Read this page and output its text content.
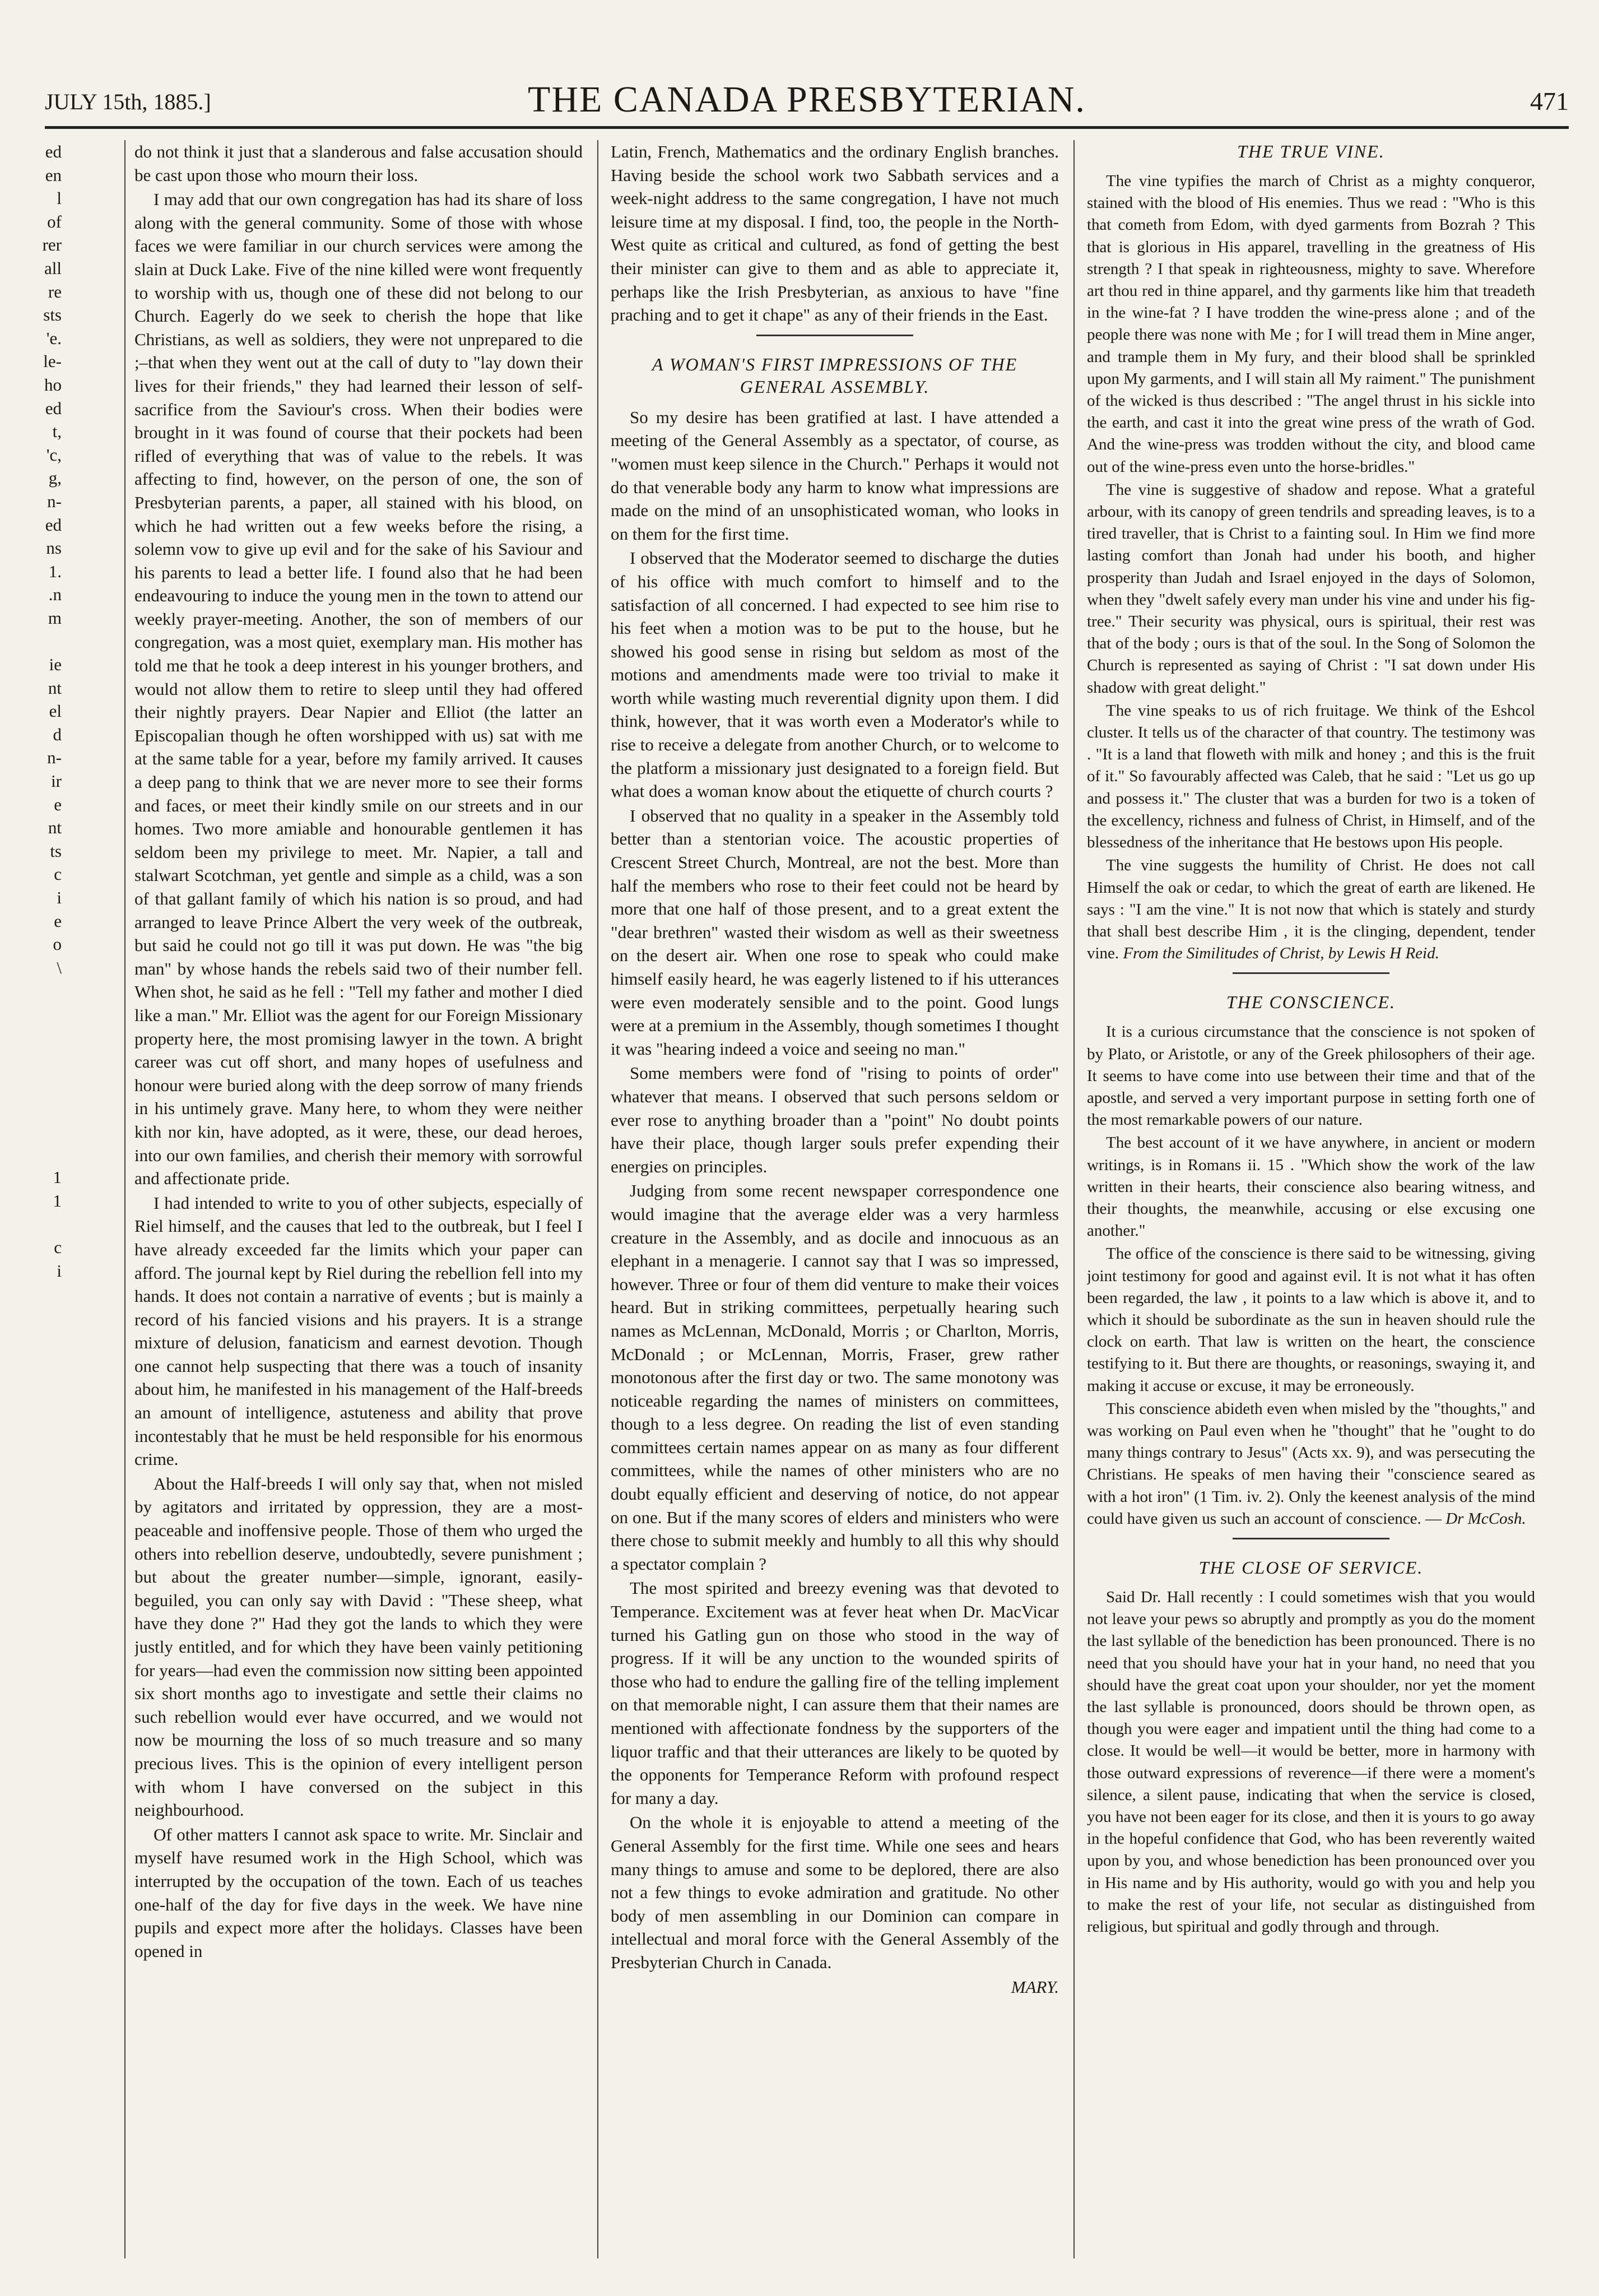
JULY 15th, 1885.]	THE CANADA PRESBYTERIAN.	471
ed
en
l
of
rer
all
re
sts
'e.
le-
ho
ed
t,
'c,
g,
n-
ed
ns
1.
.n
m
ie
nt
el
d
n-
ir
e
nt
ts
c
i
e
o
\
1
1
c
i

do not think it just that a slanderous and false accusation should be cast upon those who mourn their loss.

I may add that our own congregation has had its share of loss along with the general community. Some of those with whose faces we were familiar in our church services were among the slain at Duck Lake. Five of the nine killed were wont frequently to worship with us, though one of these did not belong to our Church. Eagerly do we seek to cherish the hope that like Christians, as well as soldiers, they were not unprepared to die ;–that when they went out at the call of duty to "lay down their lives for their friends," they had learned their lesson of self-sacrifice from the Saviour's cross. When their bodies were brought in it was found of course that their pockets had been rifled of everything that was of value to the rebels. It was affecting to find, however, on the person of one, the son of Presbyterian parents, a paper, all stained with his blood, on which he had written out a few weeks before the rising, a solemn vow to give up evil and for the sake of his Saviour and his parents to lead a better life. I found also that he had been endeavouring to induce the young men in the town to attend our weekly prayer-meeting. Another, the son of members of our congregation, was a most quiet, exemplary man. His mother has told me that he took a deep interest in his younger brothers, and would not allow them to retire to sleep until they had offered their nightly prayers. Dear Napier and Elliot (the latter an Episcopalian though he often worshipped with us) sat with me at the same table for a year, before my family arrived. It causes a deep pang to think that we are never more to see their forms and faces, or meet their kindly smile on our streets and in our homes. Two more amiable and honourable gentlemen it has seldom been my privilege to meet. Mr. Napier, a tall and stalwart Scotchman, yet gentle and simple as a child, was a son of that gallant family of which his nation is so proud, and had arranged to leave Prince Albert the very week of the outbreak, but said he could not go till it was put down. He was "the big man" by whose hands the rebels said two of their number fell. When shot, he said as he fell : "Tell my father and mother I died like a man." Mr. Elliot was the agent for our Foreign Missionary property here, the most promising lawyer in the town. A bright career was cut off short, and many hopes of usefulness and honour were buried along with the deep sorrow of many friends in his untimely grave. Many here, to whom they were neither kith nor kin, have adopted, as it were, these, our dead heroes, into our own families, and cherish their memory with sorrowful and affectionate pride.

I had intended to write to you of other subjects, especially of Riel himself, and the causes that led to the outbreak, but I feel I have already exceeded far the limits which your paper can afford. The journal kept by Riel during the rebellion fell into my hands. It does not contain a narrative of events ; but is mainly a record of his fancied visions and his prayers. It is a strange mixture of delusion, fanaticism and earnest devotion. Though one cannot help suspecting that there was a touch of insanity about him, he manifested in his management of the Half-breeds an amount of intelligence, astuteness and ability that prove incontestably that he must be held responsible for his enormous crime.

About the Half-breeds I will only say that, when not misled by agitators and irritated by oppression, they are a most-peaceable and inoffensive people. Those of them who urged the others into rebellion deserve, undoubtedly, severe punishment ; but about the greater number—simple, ignorant, easily-beguiled, you can only say with David : "These sheep, what have they done ?" Had they got the lands to which they were justly entitled, and for which they have been vainly petitioning for years—had even the commission now sitting been appointed six short months ago to investigate and settle their claims no such rebellion would ever have occurred, and we would not now be mourning the loss of so much treasure and so many precious lives. This is the opinion of every intelligent person with whom I have conversed on the subject in this neighbourhood.

Of other matters I cannot ask space to write. Mr. Sinclair and myself have resumed work in the High School, which was interrupted by the occupation of the town. Each of us teaches one-half of the day for five days in the week. We have nine pupils and expect more after the holidays. Classes have been opened in

Latin, French, Mathematics and the ordinary English branches. Having beside the school work two Sabbath services and a week-night address to the same congregation, I have not much leisure time at my disposal. I find, too, the people in the North-West quite as critical and cultured, as fond of getting the best their minister can give to them and as able to appreciate it, perhaps like the Irish Presbyterian, as anxious to have "fine praching and to get it chape" as any of their friends in the East.

A WOMAN'S FIRST IMPRESSIONS OF THE GENERAL ASSEMBLY.

So my desire has been gratified at last. I have attended a meeting of the General Assembly as a spectator, of course, as "women must keep silence in the Church." Perhaps it would not do that venerable body any harm to know what impressions are made on the mind of an unsophisticated woman, who looks in on them for the first time.

I observed that the Moderator seemed to discharge the duties of his office with much comfort to himself and to the satisfaction of all concerned. I had expected to see him rise to his feet when a motion was to be put to the house, but he showed his good sense in rising but seldom as most of the motions and amendments made were too trivial to make it worth while wasting much reverential dignity upon them. I did think, however, that it was worth even a Moderator's while to rise to receive a delegate from another Church, or to welcome to the platform a missionary just designated to a foreign field. But what does a woman know about the etiquette of church courts ?

I observed that no quality in a speaker in the Assembly told better than a stentorian voice. The acoustic properties of Crescent Street Church, Montreal, are not the best. More than half the members who rose to their feet could not be heard by more that one half of those present, and to a great extent the "dear brethren" wasted their wisdom as well as their sweetness on the desert air. When one rose to speak who could make himself easily heard, he was eagerly listened to if his utterances were even moderately sensible and to the point. Good lungs were at a premium in the Assembly, though sometimes I thought it was "hearing indeed a voice and seeing no man."

Some members were fond of "rising to points of order" whatever that means. I observed that such persons seldom or ever rose to anything broader than a "point" No doubt points have their place, though larger souls prefer expending their energies on principles.

Judging from some recent newspaper correspondence one would imagine that the average elder was a very harmless creature in the Assembly, and as docile and innocuous as an elephant in a menagerie. I cannot say that I was so impressed, however. Three or four of them did venture to make their voices heard. But in striking committees, perpetually hearing such names as McLennan, McDonald, Morris ; or Charlton, Morris, McDonald ; or McLennan, Morris, Fraser, grew rather monotonous after the first day or two. The same monotony was noticeable regarding the names of ministers on committees, though to a less degree. On reading the list of even standing committees certain names appear on as many as four different committees, while the names of other ministers who are no doubt equally efficient and deserving of notice, do not appear on one. But if the many scores of elders and ministers who were there chose to submit meekly and humbly to all this why should a spectator complain ?

The most spirited and breezy evening was that devoted to Temperance. Excitement was at fever heat when Dr. MacVicar turned his Gatling gun on those who stood in the way of progress. If it will be any unction to the wounded spirits of those who had to endure the galling fire of the telling implement on that memorable night, I can assure them that their names are mentioned with affectionate fondness by the supporters of the liquor traffic and that their utterances are likely to be quoted by the opponents for Temperance Reform with profound respect for many a day.

On the whole it is enjoyable to attend a meeting of the General Assembly for the first time. While one sees and hears many things to amuse and some to be deplored, there are also not a few things to evoke admiration and gratitude. No other body of men assembling in our Dominion can compare in intellectual and moral force with the General Assembly of the Presbyterian Church in Canada.

MARY.
THE TRUE VINE.

The vine typifies the march of Christ as a mighty conqueror, stained with the blood of His enemies. Thus we read : "Who is this that cometh from Edom, with dyed garments from Bozrah ? This that is glorious in His apparel, travelling in the greatness of His strength ? I that speak in righteousness, mighty to save. Wherefore art thou red in thine apparel, and thy garments like him that treadeth in the wine-fat ? I have trodden the wine-press alone ; and of the people there was none with Me ; for I will tread them in Mine anger, and trample them in My fury, and their blood shall be sprinkled upon My garments, and I will stain all My raiment." The punishment of the wicked is thus described : "The angel thrust in his sickle into the earth, and cast it into the great wine press of the wrath of God. And the wine-press was trodden without the city, and blood came out of the wine-press even unto the horse-bridles."

The vine is suggestive of shadow and repose. What a grateful arbour, with its canopy of green tendrils and spreading leaves, is to a tired traveller, that is Christ to a fainting soul. In Him we find more lasting comfort than Jonah had under his booth, and higher prosperity than Judah and Israel enjoyed in the days of Solomon, when they "dwelt safely every man under his vine and under his fig-tree." Their security was physical, ours is spiritual, their rest was that of the body ; ours is that of the soul. In the Song of Solomon the Church is represented as saying of Christ : "I sat down under His shadow with great delight."

The vine speaks to us of rich fruitage. We think of the Eshcol cluster. It tells us of the character of that country. The testimony was . "It is a land that floweth with milk and honey ; and this is the fruit of it." So favourably affected was Caleb, that he said : "Let us go up and possess it." The cluster that was a burden for two is a token of the excellency, richness and fulness of Christ, in Himself, and of the blessedness of the inheritance that He bestows upon His people.

The vine suggests the humility of Christ. He does not call Himself the oak or cedar, to which the great of earth are likened. He says : "I am the vine." It is not now that which is stately and sturdy that shall best describe Him , it is the clinging, dependent, tender vine. From the Similitudes of Christ, by Lewis H Reid.

THE CONSCIENCE.

It is a curious circumstance that the conscience is not spoken of by Plato, or Aristotle, or any of the Greek philosophers of their age. It seems to have come into use between their time and that of the apostle, and served a very important purpose in setting forth one of the most remarkable powers of our nature.

The best account of it we have anywhere, in ancient or modern writings, is in Romans ii. 15 . "Which show the work of the law written in their hearts, their conscience also bearing witness, and their thoughts, the meanwhile, accusing or else excusing one another."

The office of the conscience is there said to be witnessing, giving joint testimony for good and against evil. It is not what it has often been regarded, the law , it points to a law which is above it, and to which it should be subordinate as the sun in heaven should rule the clock on earth. That law is written on the heart, the conscience testifying to it. But there are thoughts, or reasonings, swaying it, and making it accuse or excuse, it may be erroneously.

This conscience abideth even when misled by the "thoughts," and was working on Paul even when he "thought" that he "ought to do many things contrary to Jesus" (Acts xx. 9), and was persecuting the Christians. He speaks of men having their "conscience seared as with a hot iron" (1 Tim. iv. 2). Only the keenest analysis of the mind could have given us such an account of conscience. — Dr McCosh.

THE CLOSE OF SERVICE.

Said Dr. Hall recently : I could sometimes wish that you would not leave your pews so abruptly and promptly as you do the moment the last syllable of the benediction has been pronounced. There is no need that you should have your hat in your hand, no need that you should have the great coat upon your shoulder, nor yet the moment the last syllable is pronounced, doors should be thrown open, as though you were eager and impatient until the thing had come to a close. It would be well—it would be better, more in harmony with those outward expressions of reverence—if there were a moment's silence, a silent pause, indicating that when the service is closed, you have not been eager for its close, and then it is yours to go away in the hopeful confidence that God, who has been reverently waited upon by you, and whose benediction has been pronounced over you in His name and by His authority, would go with you and help you to make the rest of your life, not secular as distinguished from religious, but spiritual and godly through and through.
